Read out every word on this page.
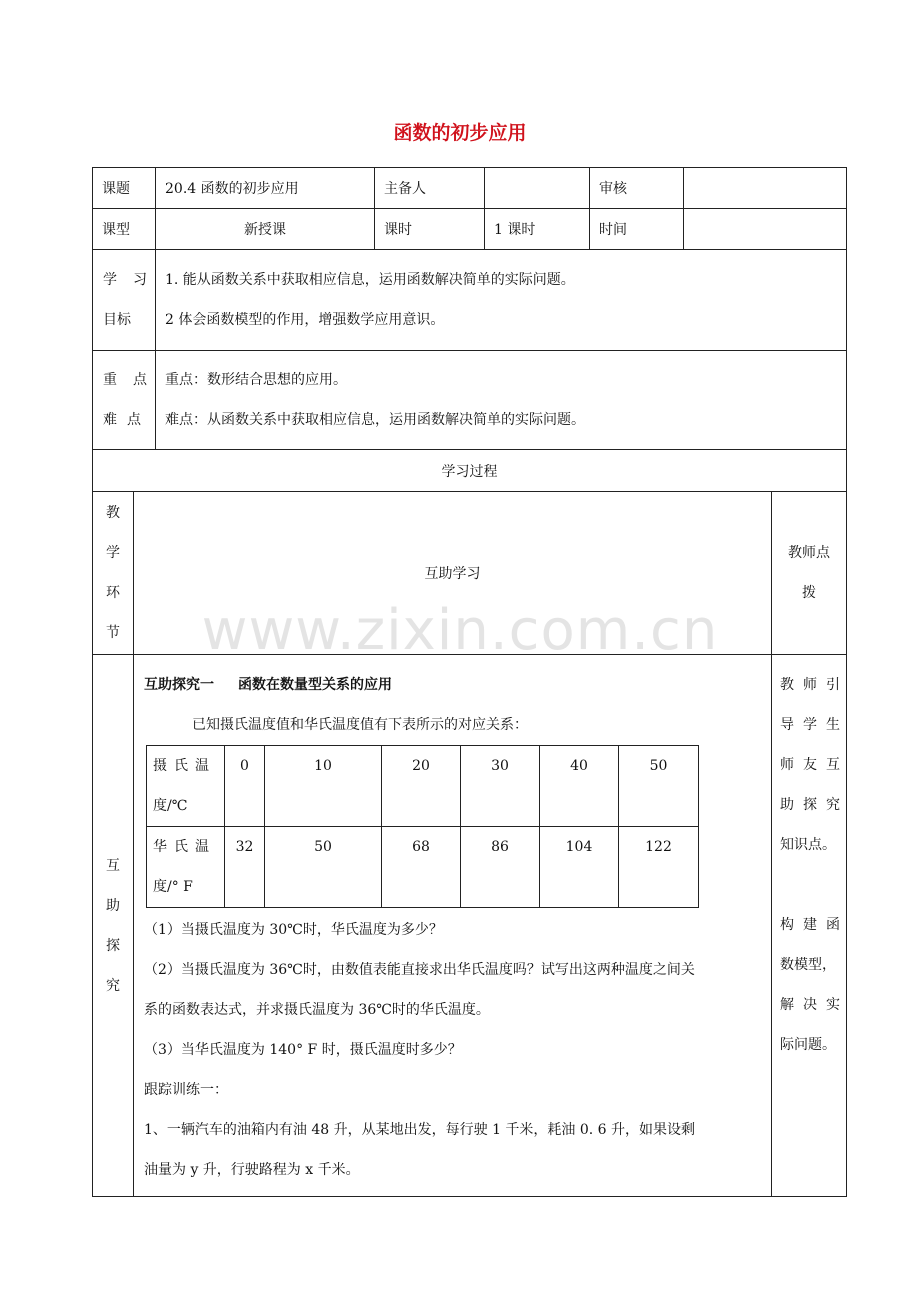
函数的初步应用
www.zixin.com.cn
课题	20.4 函数的初步应用	主备人		审核	
课型	新授课	课时	1 课时	时间	

学 习
目标

1. 能从函数关系中获取相应信息，运用函数解决简单的实际问题。
2 体会函数模型的作用，增强数学应用意识。

重 点
难 点

重点：数形结合思想的应用。
难点：从函数关系中获取相应信息，运用函数解决简单的实际问题。

学习过程

教
学
环
节
	互助学习	
教师点
拨

互
助
探
究

互助探究一 函数在数量型关系的应用
已知摄氏温度值和华氏温度值有下表所示的对应关系：
摄 氏 温
度/℃
	0	10	20	30	40	50

华 氏 温
度/° F
	32	50	68	86	104	122
（1）当摄氏温度为 30℃时，华氏温度为多少？
（2）当摄氏温度为 36℃时，由数值表能直接求出华氏温度吗？试写出这两种温度之间关
系的函数表达式，并求摄氏温度为 36℃时的华氏温度。
（3）当华氏温度为 140° F 时，摄氏温度时多少？
跟踪训练一：
1、一辆汽车的油箱内有油 48 升，从某地出发，每行驶 1 千米，耗油 0. 6 升，如果设剩
油量为 y 升，行驶路程为 x 千米。

教 师 引
导 学 生
师 友 互
助 探 究
知识点。
构 建 函
数模型，
解 决 实
际问题。
